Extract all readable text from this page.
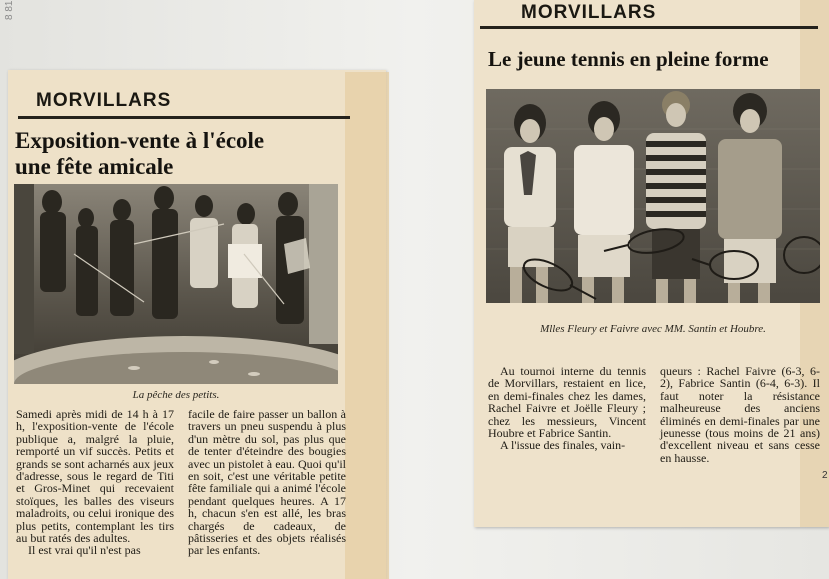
8 81
MORVILLARS
Exposition-vente à l'école
une fête amicale
La pêche des petits.

Samedi après midi de 14 h à 17 h, l'exposition-vente de l'école publique a, malgré la pluie, remporté un vif succès. Petits et grands se sont acharnés aux jeux d'adresse, sous le regard de Titi et Gros-Minet qui recevaient stoïques, les balles des viseurs maladroits, ou celui ironique des plus petits, contemplant les tirs au but ratés des adultes.

Il est vrai qu'il n'est pas

facile de faire passer un ballon à travers un pneu suspendu à plus d'un mètre du sol, pas plus que de tenter d'éteindre des bougies avec un pistolet à eau. Quoi qu'il en soit, c'est une véritable petite fête familiale qui a animé l'école pendant quelques heures. A 17 h, chacun s'en est allé, les bras chargés de cadeaux, de pâtisseries et des objets réalisés par les enfants.

MORVILLARS
Le jeune tennis en pleine forme
Mlles Fleury et Faivre avec MM. Santin et Houbre.

Au tournoi interne du tennis de Morvillars, restaient en lice, en demi-finales chez les dames, Rachel Faivre et Joëlle Fleury ; chez les messieurs, Vincent Houbre et Fabrice Santin.

A l'issue des finales, vain-

queurs : Rachel Faivre (6-3, 6-2), Fabrice Santin (6-4, 6-3). Il faut noter la résistance malheureuse des anciens éliminés en demi-finales par une jeunesse (tous moins de 21 ans) d'excellent niveau et sans cesse en hausse.

2
